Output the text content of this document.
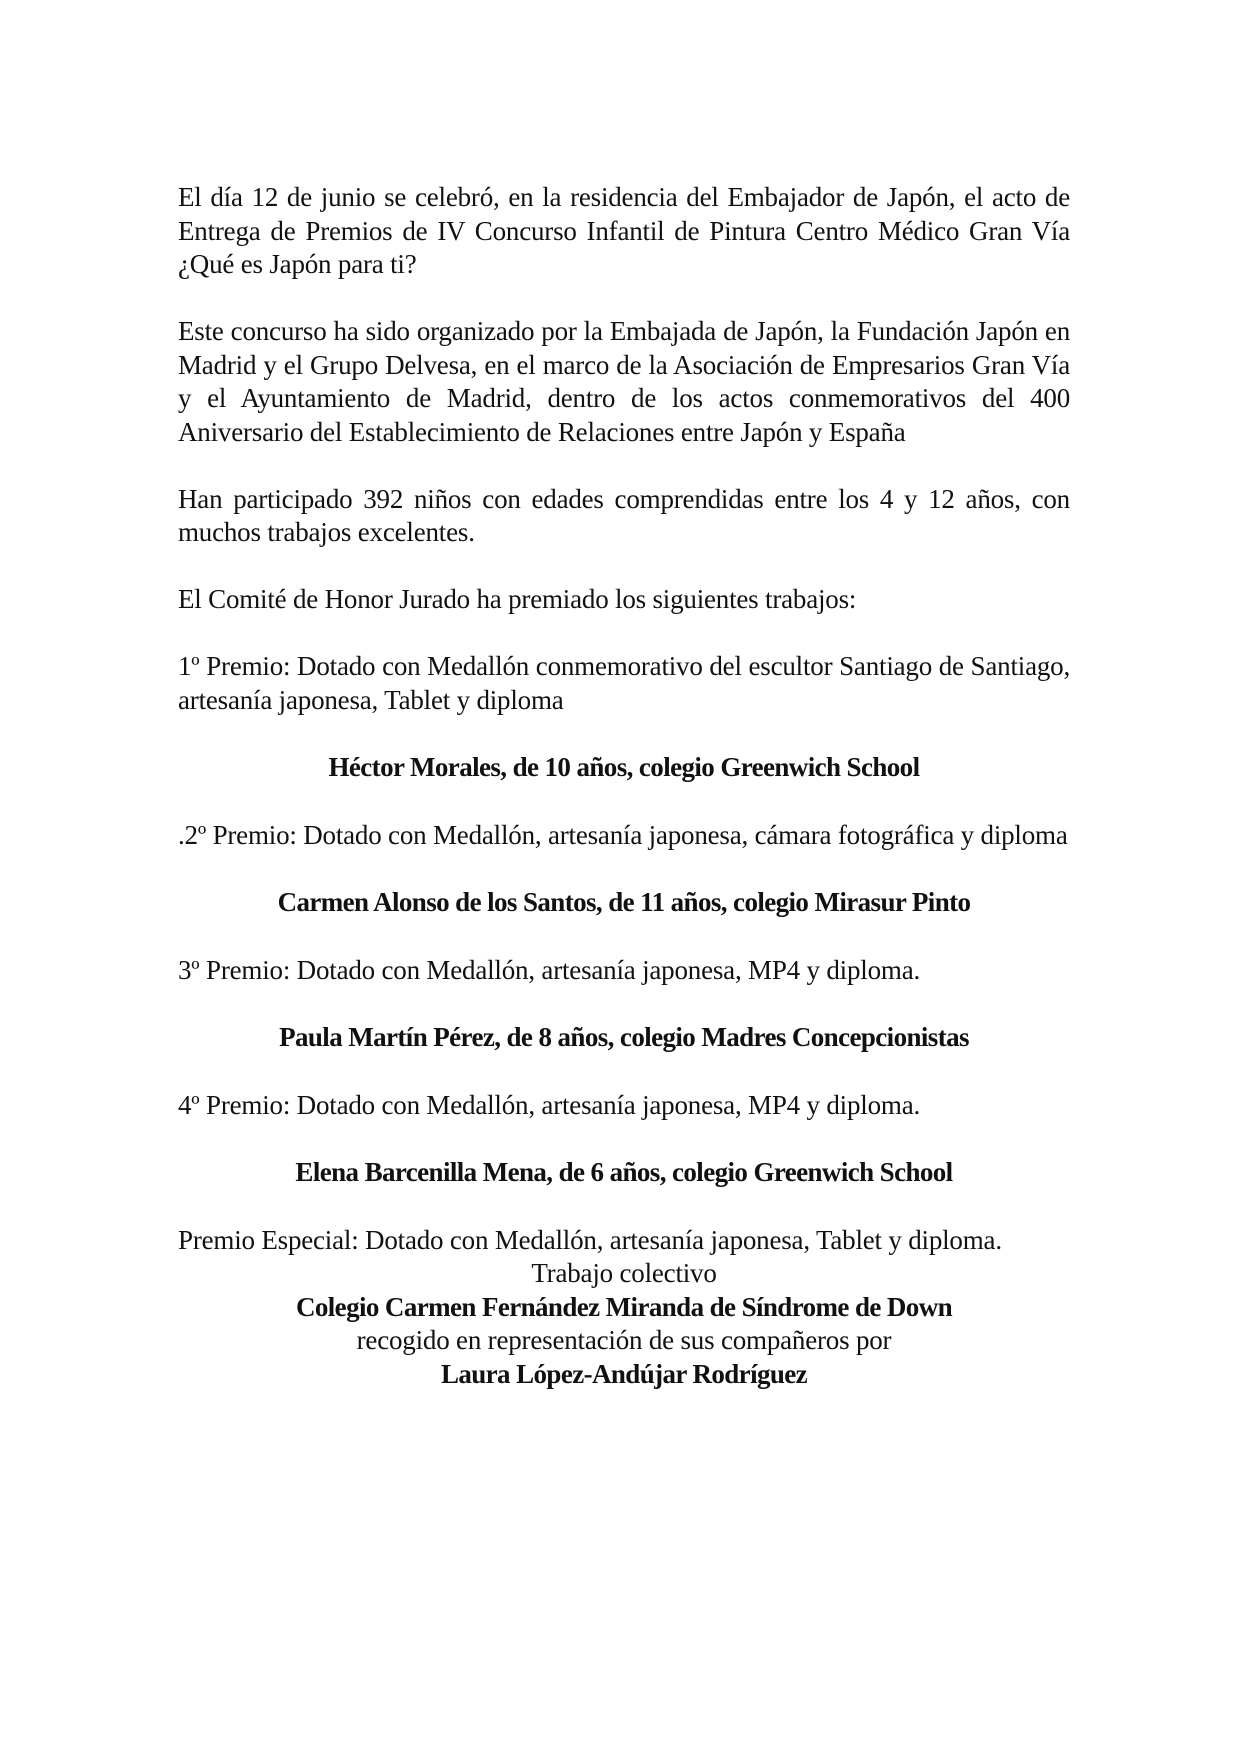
El día 12 de junio se celebró, en la residencia del Embajador de Japón, el acto de Entrega de Premios de IV Concurso Infantil de Pintura Centro Médico Gran Vía ¿Qué es Japón para ti?

Este concurso ha sido organizado por la Embajada de Japón, la Fundación Japón en Madrid y el Grupo Delvesa, en el marco de la Asociación de Empresarios Gran Vía y el Ayuntamiento de Madrid, dentro de los actos conmemorativos del 400 Aniversario del Establecimiento de Relaciones entre Japón y España

Han participado 392 niños con edades comprendidas entre los 4 y 12 años, con muchos trabajos excelentes.

El Comité de Honor Jurado ha premiado los siguientes trabajos:

1º Premio: Dotado con Medallón conmemorativo del escultor Santiago de Santiago, artesanía japonesa, Tablet y diploma

Héctor Morales, de 10 años, colegio Greenwich School

.2º Premio: Dotado con Medallón, artesanía japonesa, cámara fotográfica y diploma

Carmen Alonso de los Santos, de 11 años, colegio Mirasur Pinto

3º Premio: Dotado con Medallón, artesanía japonesa, MP4 y diploma.

Paula Martín Pérez, de 8 años, colegio Madres Concepcionistas

4º Premio: Dotado con Medallón, artesanía japonesa, MP4 y diploma.

Elena Barcenilla Mena, de 6 años, colegio Greenwich School

Premio Especial: Dotado con Medallón, artesanía japonesa, Tablet y diploma.

Trabajo colectivo

Colegio Carmen Fernández Miranda de Síndrome de Down

recogido en representación de sus compañeros por

Laura López-Andújar Rodríguez
